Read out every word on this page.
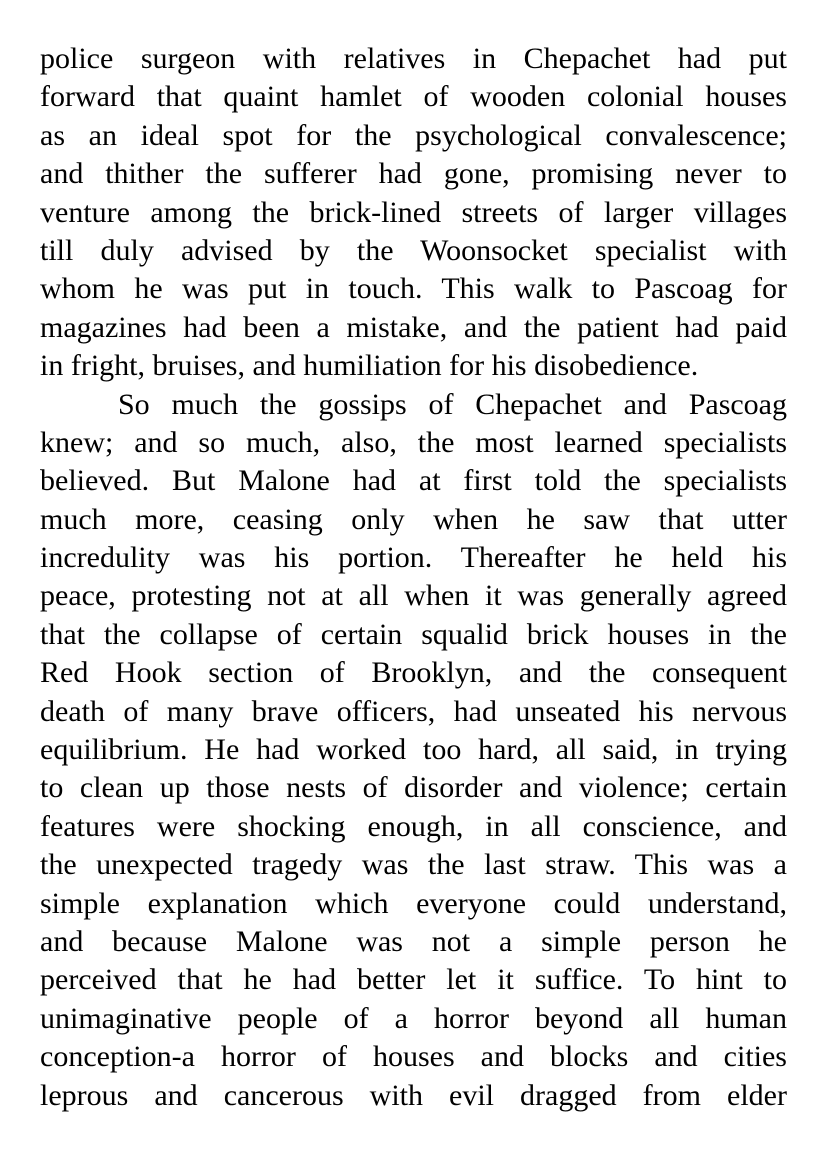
police surgeon with relatives in Chepachet had put
forward that quaint hamlet of wooden colonial houses
as an ideal spot for the psychological convalescence;
and thither the sufferer had gone, promising never to
venture among the brick-lined streets of larger villages
till duly advised by the Woonsocket specialist with
whom he was put in touch. This walk to Pascoag for
magazines had been a mistake, and the patient had paid
in fright, bruises, and humiliation for his disobedience.
So much the gossips of Chepachet and Pascoag
knew; and so much, also, the most learned specialists
believed. But Malone had at first told the specialists
much more, ceasing only when he saw that utter
incredulity was his portion. Thereafter he held his
peace, protesting not at all when it was generally agreed
that the collapse of certain squalid brick houses in the
Red Hook section of Brooklyn, and the consequent
death of many brave officers, had unseated his nervous
equilibrium. He had worked too hard, all said, in trying
to clean up those nests of disorder and violence; certain
features were shocking enough, in all conscience, and
the unexpected tragedy was the last straw. This was a
simple explanation which everyone could understand,
and because Malone was not a simple person he
perceived that he had better let it suffice. To hint to
unimaginative people of a horror beyond all human
conception-a horror of houses and blocks and cities
leprous and cancerous with evil dragged from elder
